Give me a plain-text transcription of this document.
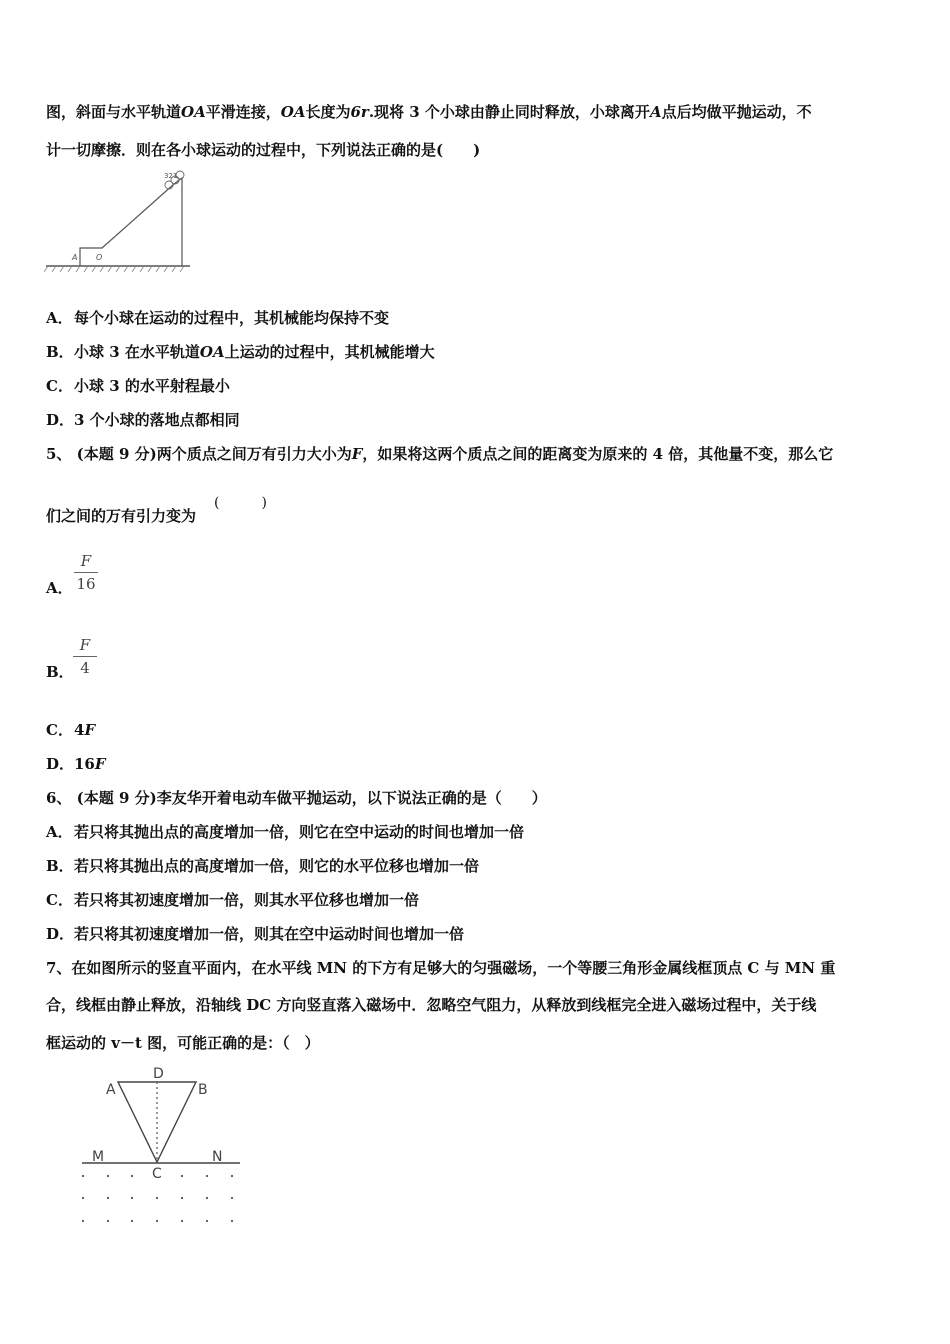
图，斜面与水平轨道OA平滑连接，OA长度为6r.现将 3 个小球由静止同时释放，小球离开A点后均做平抛运动，不
计一切摩擦．则在各小球运动的过程中，下列说法正确的是(　　)
321
A O
A．每个小球在运动的过程中，其机械能均保持不变
B．小球 3 在水平轨道OA上运动的过程中，其机械能增大
C．小球 3 的水平射程最小
D．3 个小球的落地点都相同
5、 (本题 9 分)两个质点之间万有引力大小为F，如果将这两个质点之间的距离变为原来的 4 倍，其他量不变，那么它
们之间的万有引力变为
(　　　)
A．
F
16
B．
F
4
C．4F
D．16F
6、 (本题 9 分)李友华开着电动车做平抛运动，以下说法正确的是（　　）
A．若只将其抛出点的高度增加一倍，则它在空中运动的时间也增加一倍
B．若只将其抛出点的高度增加一倍，则它的水平位移也增加一倍
C．若只将其初速度增加一倍，则其水平位移也增加一倍
D．若只将其初速度增加一倍，则其在空中运动时间也增加一倍
7、在如图所示的竖直平面内，在水平线 MN 的下方有足够大的匀强磁场，一个等腰三角形金属线框顶点 C 与 MN 重
合，线框由静止释放，沿轴线 DC 方向竖直落入磁场中．忽略空气阻力，从释放到线框完全进入磁场过程中，关于线
框运动的 v－t 图，可能正确的是：（　）
D
A	B
M	N
C
